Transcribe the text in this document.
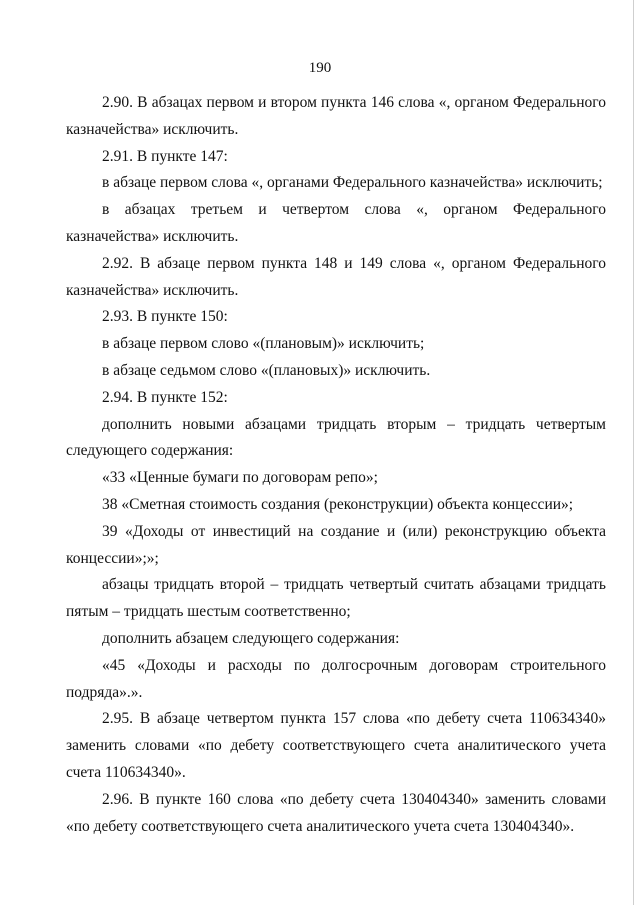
190

2.90. В абзацах первом и втором пункта 146 слова «, органом Федерального казначейства» исключить.

2.91. В пункте 147:

в абзаце первом слова «, органами Федерального казначейства» исключить;

в абзацах третьем и четвертом слова «, органом Федерального казначейства» исключить.

2.92. В абзаце первом пункта 148 и 149 слова «, органом Федерального казначейства» исключить.

2.93. В пункте 150:

в абзаце первом слово «(плановым)» исключить;

в абзаце седьмом слово «(плановых)» исключить.

2.94. В пункте 152:

дополнить новыми абзацами тридцать вторым – тридцать четвертым следующего содержания:

«33 «Ценные бумаги по договорам репо»;

38 «Сметная стоимость создания (реконструкции) объекта концессии»;

39 «Доходы от инвестиций на создание и (или) реконструкцию объекта концессии»;»;

абзацы тридцать второй – тридцать четвертый считать абзацами тридцать пятым – тридцать шестым соответственно;

дополнить абзацем следующего содержания:

«45 «Доходы и расходы по долгосрочным договорам строительного подряда».».

2.95. В абзаце четвертом пункта 157 слова «по дебету счета 110634340» заменить словами «по дебету соответствующего счета аналитического учета счета 110634340».

2.96. В пункте 160 слова «по дебету счета 130404340» заменить словами «по дебету соответствующего счета аналитического учета счета 130404340».
